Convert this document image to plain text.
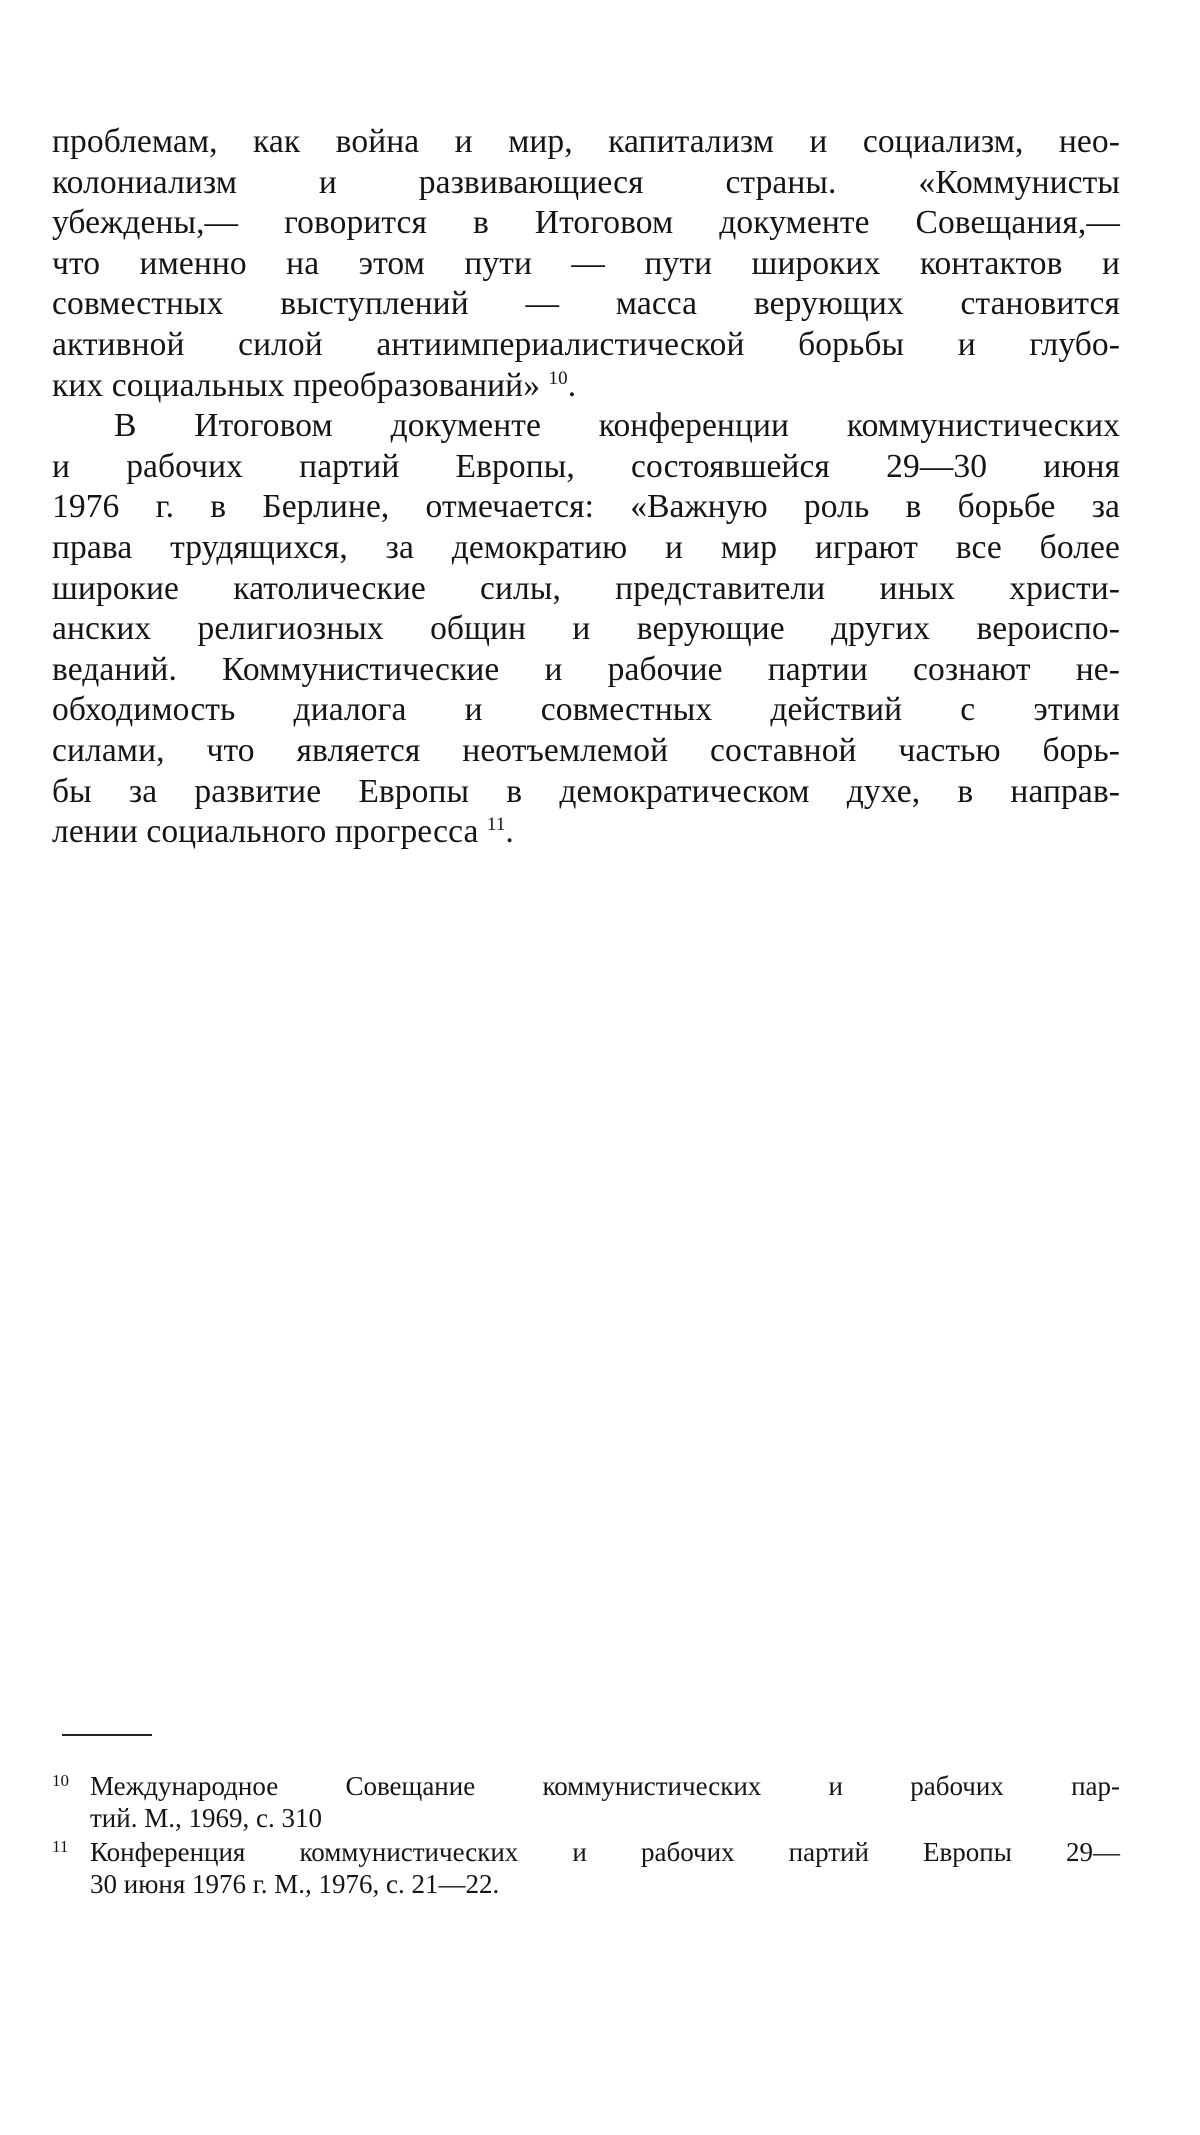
проблемам, как война и мир, капитализм и социализм, нео-
колониализм и развивающиеся страны. «Коммунисты
убеждены,— говорится в Итоговом документе Совещания,—
что именно на этом пути — пути широких контактов и
совместных выступлений — масса верующих становится
активной силой антиимпериалистической борьбы и глубо-
ких социальных преобразований» $^{10}$.
В Итоговом документе конференции коммунистических
и рабочих партий Европы, состоявшейся 29—30 июня
1976 г. в Берлине, отмечается: «Важную роль в борьбе за
права трудящихся, за демократию и мир играют все более
широкие католические силы, представители иных христи-
анских религиозных общин и верующие других вероиспо-
веданий. Коммунистические и рабочие партии сознают не-
обходимость диалога и совместных действий с этими
силами, что является неотъемлемой составной частью борь-
бы за развитие Европы в демократическом духе, в направ-
лении социального прогресса $^{11}$.
10 Международное Совещание коммунистических и рабочих пар-
тий. М., 1969, с. 310
11 Конференция коммунистических и рабочих партий Европы 29—
30 июня 1976 г. М., 1976, с. 21—22.
